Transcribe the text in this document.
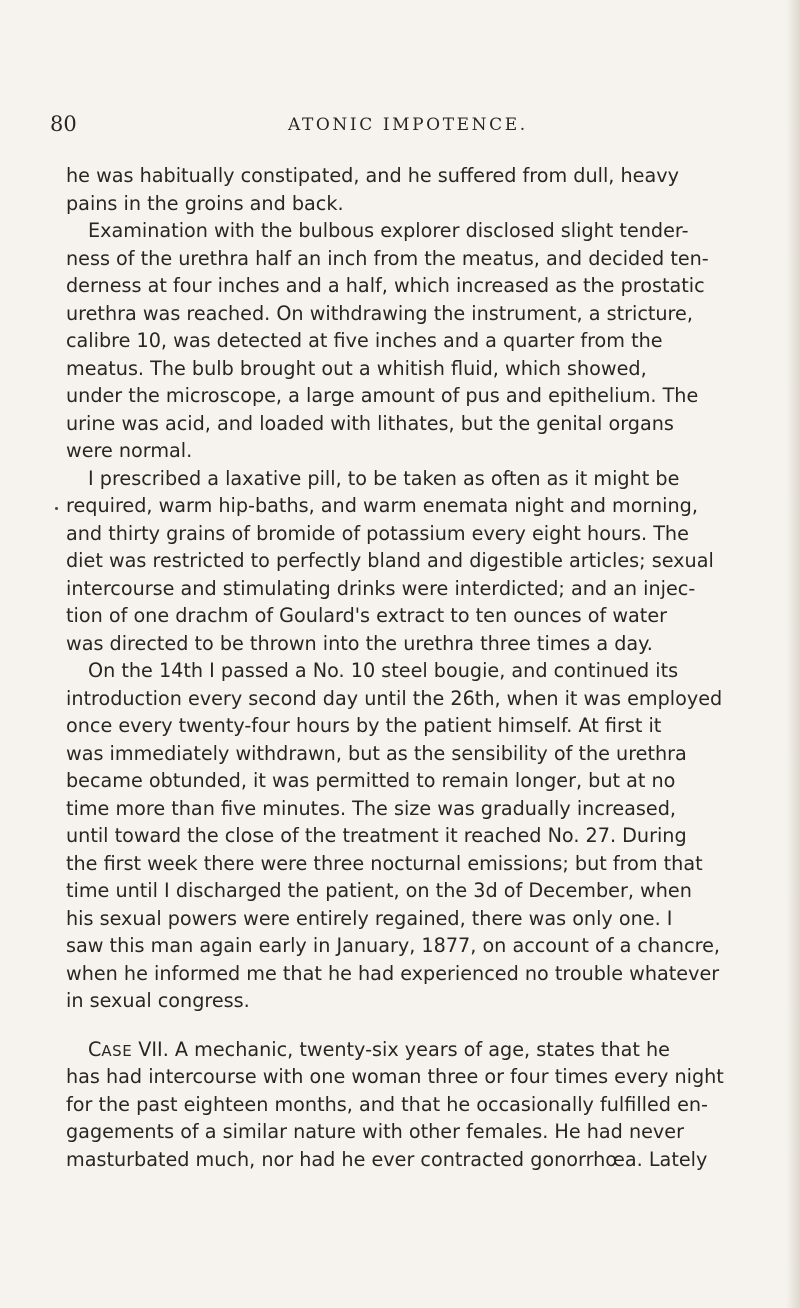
80	ATONIC IMPOTENCE.
he was habitually constipated, and he suffered from dull, heavy
pains in the groins and back.
Examination with the bulbous explorer disclosed slight tender-
ness of the urethra half an inch from the meatus, and decided ten-
derness at four inches and a half, which increased as the prostatic
urethra was reached. On withdrawing the instrument, a stricture,
calibre 10, was detected at five inches and a quarter from the
meatus. The bulb brought out a whitish fluid, which showed,
under the microscope, a large amount of pus and epithelium. The
urine was acid, and loaded with lithates, but the genital organs
were normal.
I prescribed a laxative pill, to be taken as often as it might be
required, warm hip-baths, and warm enemata night and morning,
and thirty grains of bromide of potassium every eight hours. The
diet was restricted to perfectly bland and digestible articles; sexual
intercourse and stimulating drinks were interdicted; and an injec-
tion of one drachm of Goulard's extract to ten ounces of water
was directed to be thrown into the urethra three times a day.
On the 14th I passed a No. 10 steel bougie, and continued its
introduction every second day until the 26th, when it was employed
once every twenty-four hours by the patient himself. At first it
was immediately withdrawn, but as the sensibility of the urethra
became obtunded, it was permitted to remain longer, but at no
time more than five minutes. The size was gradually increased,
until toward the close of the treatment it reached No. 27. During
the first week there were three nocturnal emissions; but from that
time until I discharged the patient, on the 3d of December, when
his sexual powers were entirely regained, there was only one. I
saw this man again early in January, 1877, on account of a chancre,
when he informed me that he had experienced no trouble whatever
in sexual congress.
CASE VII. A mechanic, twenty-six years of age, states that he
has had intercourse with one woman three or four times every night
for the past eighteen months, and that he occasionally fulfilled en-
gagements of a similar nature with other females. He had never
masturbated much, nor had he ever contracted gonorrhœa. Lately
